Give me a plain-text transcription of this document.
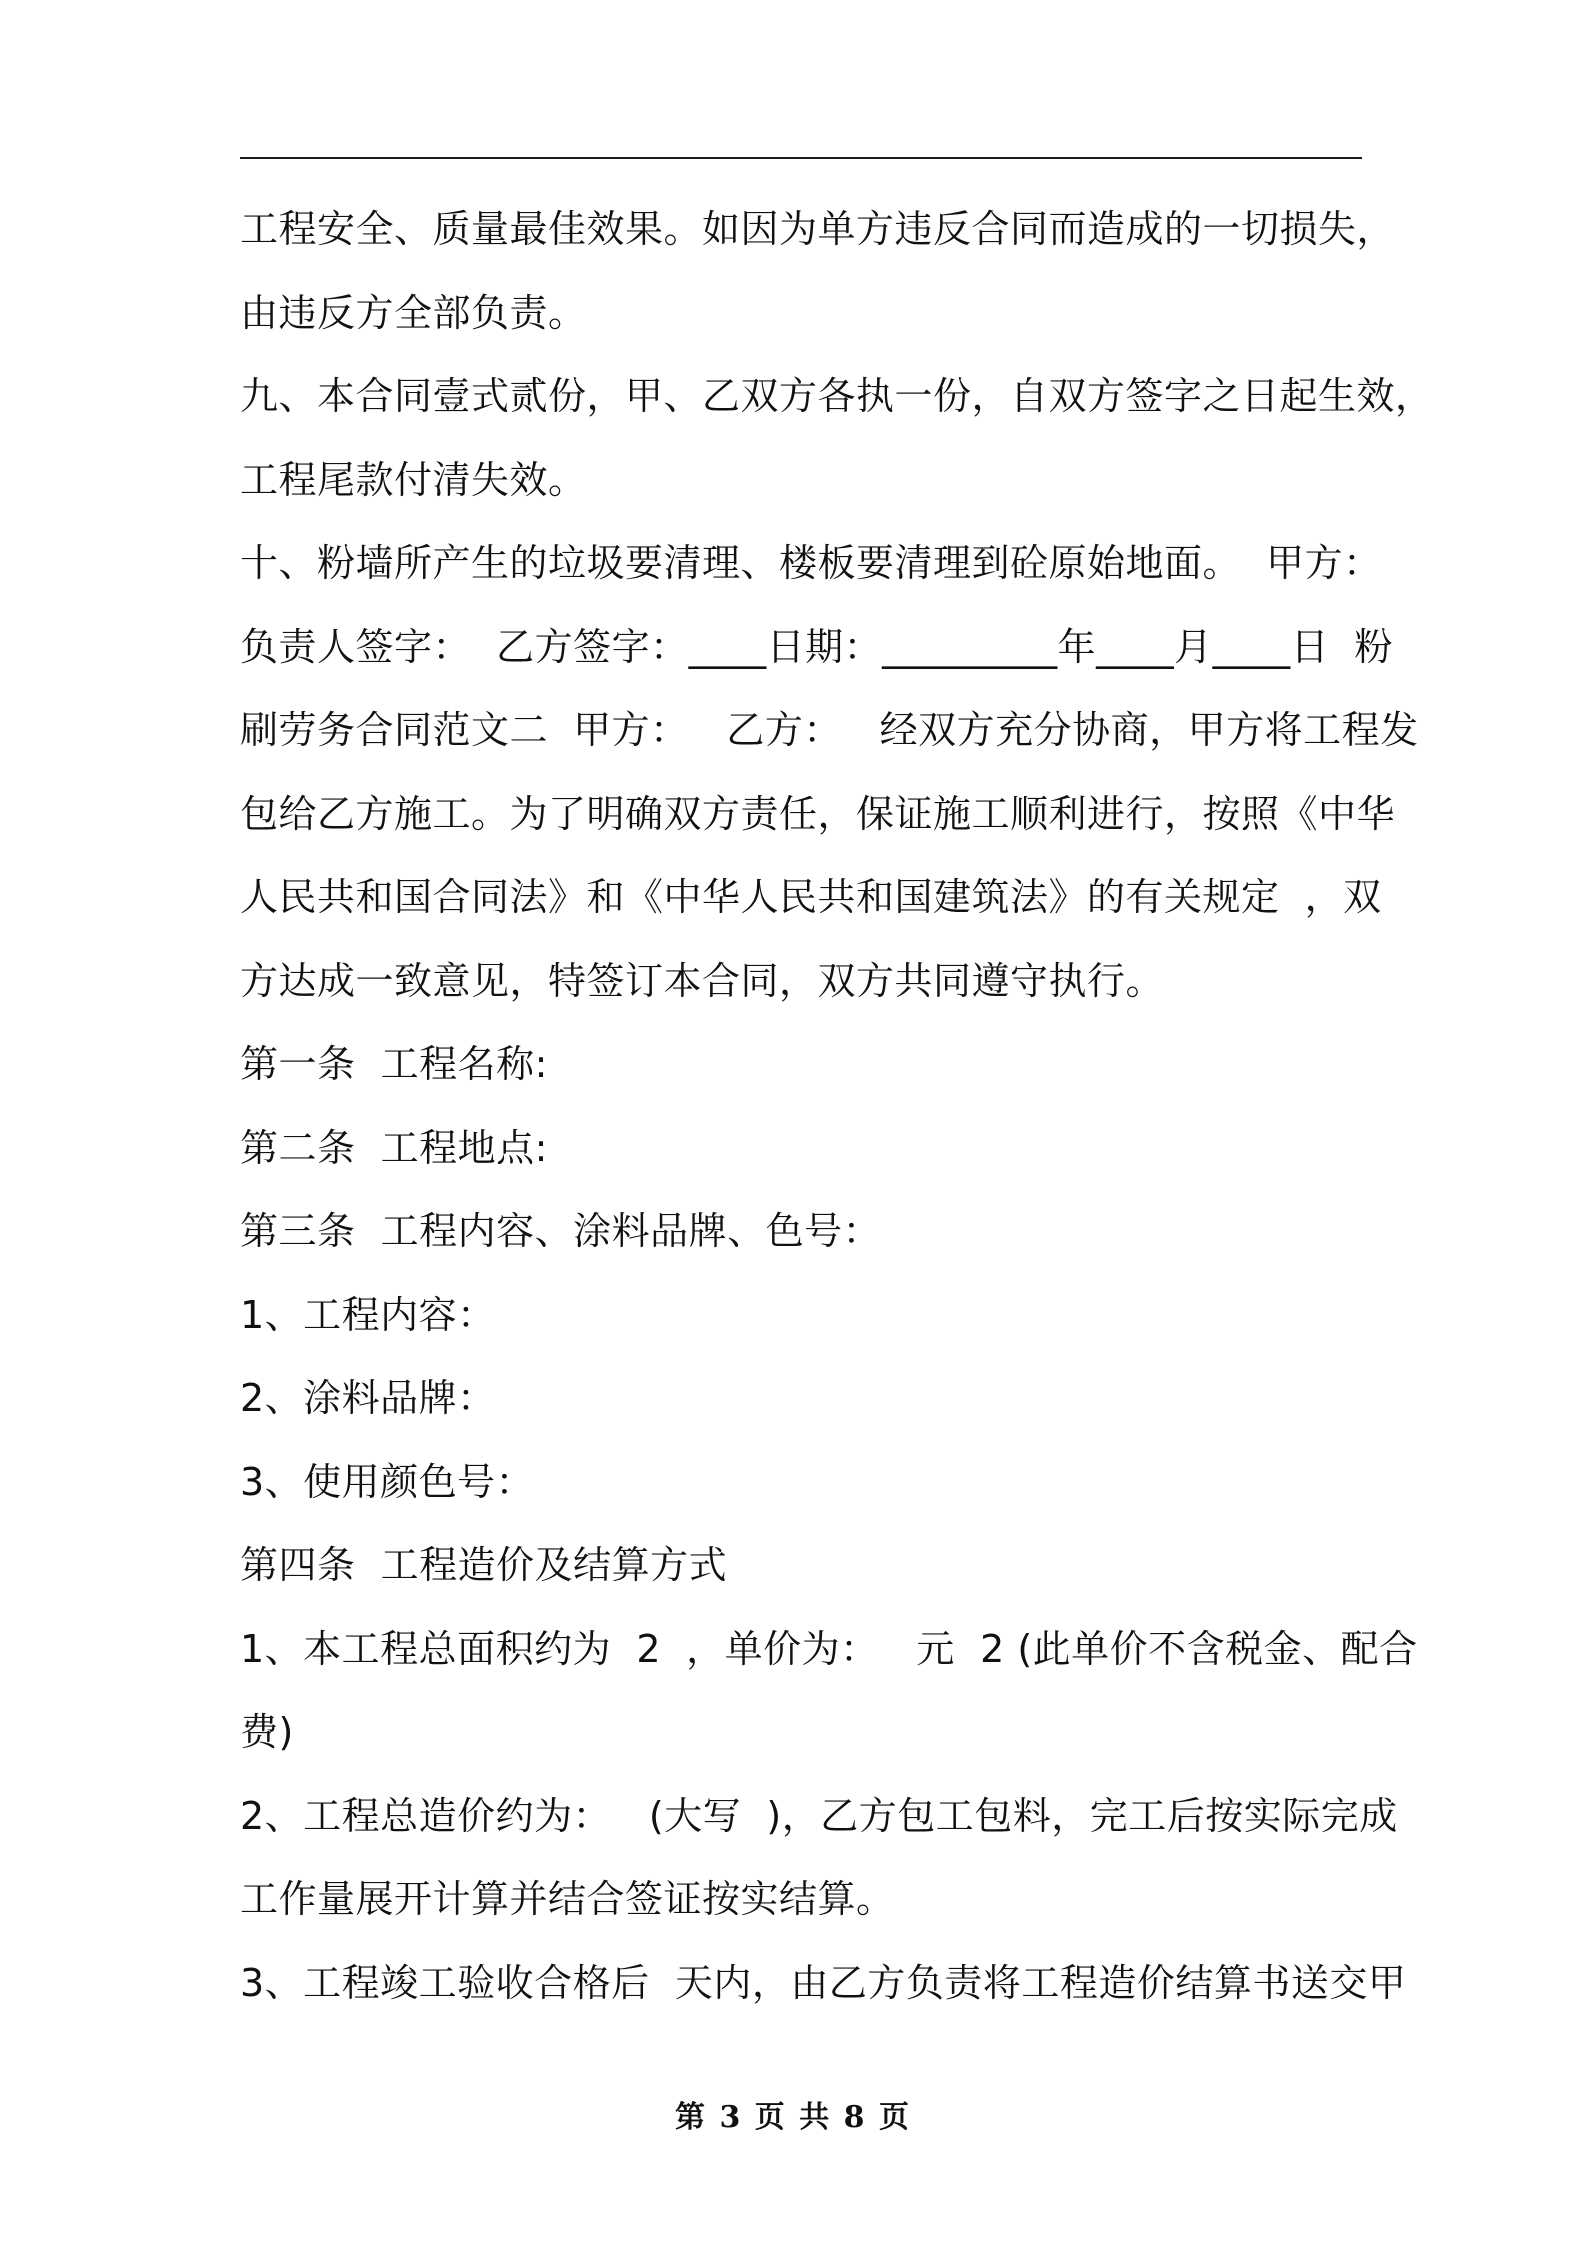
工程安全、质量最佳效果。如因为单方违反合同而造成的一切损失，
由违反方全部负责。
九、本合同壹式贰份，甲、乙双方各执一份，自双方签字之日起生效，
工程尾款付清失效。
十、粉墙所产生的垃圾要清理、楼板要清理到砼原始地面。  甲方：
负责人签字：  乙方签字：____日期：_________年____月____日  粉
刷劳务合同范文二  甲方：   乙方：   经双方充分协商，甲方将工程发
包给乙方施工。为了明确双方责任，保证施工顺利进行，按照《中华
人民共和国合同法》和《中华人民共和国建筑法》的有关规定  ，双
方达成一致意见，特签订本合同，双方共同遵守执行。
第一条  工程名称:
第二条  工程地点:
第三条  工程内容、涂料品牌、色号：
1、工程内容：
2、涂料品牌：
3、使用颜色号：
第四条  工程造价及结算方式
1、本工程总面积约为  2  ，单价为：   元  2 (此单价不含税金、配合
费)
2、工程总造价约为：   (大写  )，乙方包工包料，完工后按实际完成
工作量展开计算并结合签证按实结算。
3、工程竣工验收合格后  天内，由乙方负责将工程造价结算书送交甲
第 3 页 共 8 页
